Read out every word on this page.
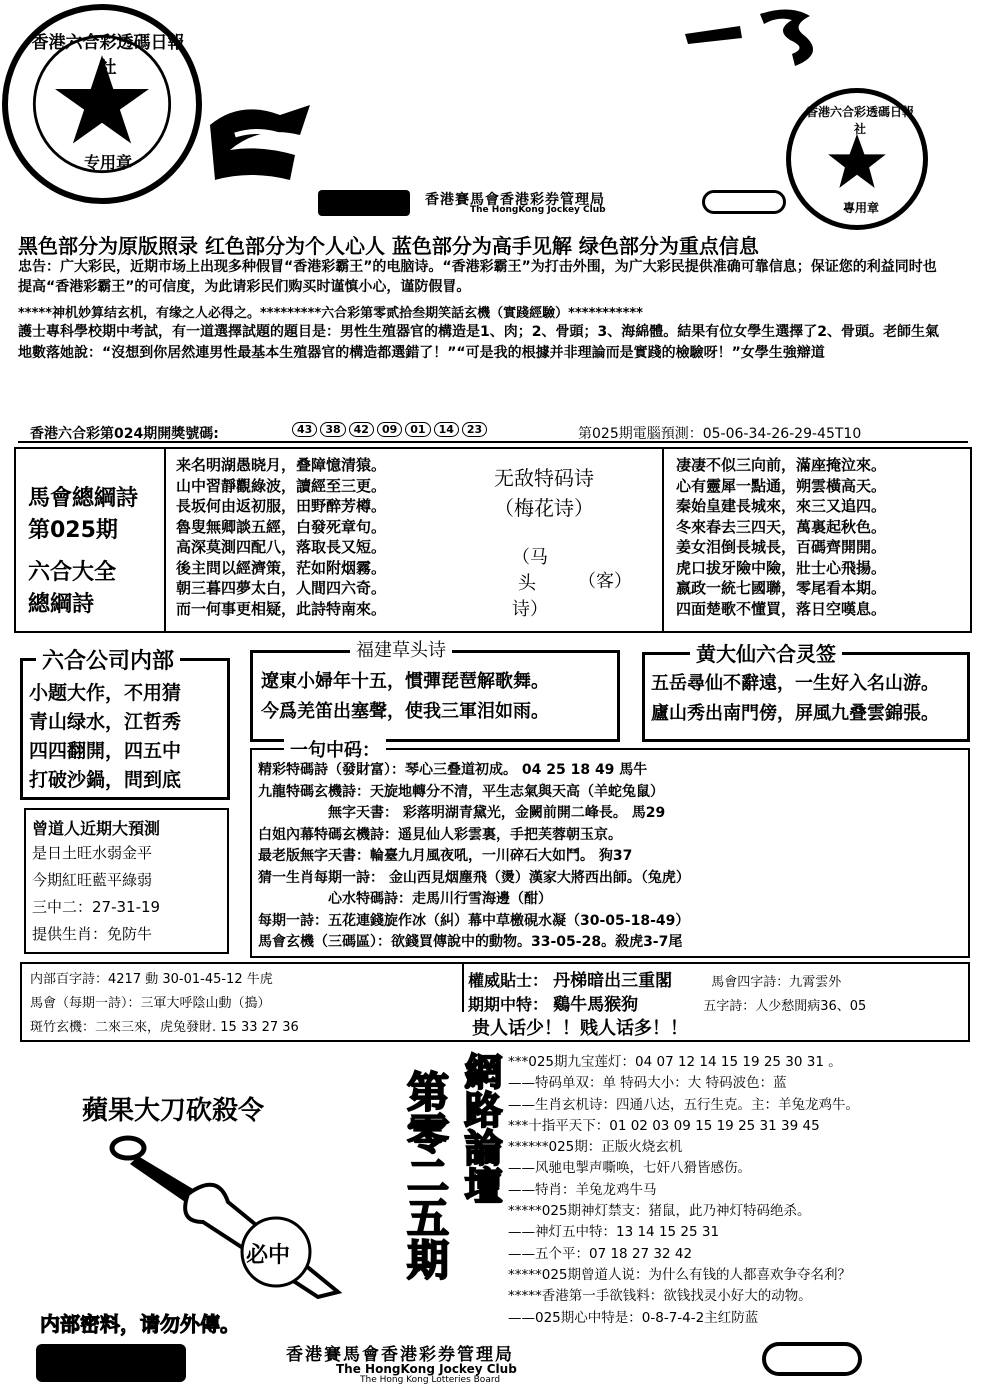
香港六合彩透碼日報社
专用章
香港賽馬會香港彩券管理局
The HongKong Jockey Club
香港六合彩透碼日報社
專用章
黑色部分为原版照录 红色部分为个人心人 蓝色部分为高手见解 绿色部分为重点信息
忠告：广大彩民，近期市场上出现多种假冒“香港彩霸王”的电脑诗。“香港彩霸王”为打击外围，为广大彩民提供准确可靠信息；保证您的利益同时也提高“香港彩霸王”的可信度，为此请彩民们购买时谨慎小心，谨防假冒。
*****神机妙算结玄机，有缘之人必得之。*********六合彩第零贰拾叁期笑話玄機（實踐經驗）***********
護士專科學校期中考試，有一道選擇試題的題目是：男性生殖器官的構造是1、肉；2、骨頭；3、海綿體。結果有位女學生選擇了2、骨頭。老師生氣地數落她說：“沒想到你居然連男性最基本生殖器官的構造都選錯了！”“可是我的根據并非理論而是實踐的檢驗呀！”女學生強辯道
香港六合彩第024期開獎號碼:	43	38	42	09	01	14	23	第025期電腦預測：05-06-34-26-29-45T10
馬會總綱詩
第025期
六合大全
總綱詩
来名明湖愚晓月，叠障憶清猿。
山中習靜觀綠波，讀經至三更。
長坂何由返初服，田野醉芳樽。
魯叟無卿談五經，白發死章句。
高深莫測四配八，落取長又短。
後主問以經濟策，茫如附烟霧。
朝三暮四夢太白，人間四六奇。
而一何事更相疑，此詩特南來。
无敌特码诗
（梅花诗）
（马
头
诗）
（客）
凄凄不似三向前，滿座掩泣來。
心有靈犀一點通，朔雲橫高天。
秦始皇建長城來，來三又追四。
冬來春去三四天，萬裏起秋色。
姜女泪倒長城長，百碼齊開開。
虎口拔牙險中險，壯士心飛揚。
嬴政一統七國聯，零尾看本期。
四面楚歌不懂買，落日空嘆息。
小题大作，不用猜
青山绿水，江哲秀
四四翻開，四五中
打破沙鍋，問到底
六合公司内部
遼東小婦年十五，慣彈琵琶解歌舞。
今爲羌笛出塞聲，使我三軍泪如雨。
福建草头诗
五岳尋仙不辭遠，一生好入名山游。
廬山秀出南門傍，屏風九叠雲錦張。
黄大仙六合灵签
精彩特碼詩（發財富）：琴心三叠道初成。 04 25 18 49 馬牛
九龍特碼玄機詩：天旋地轉分不清，平生志氣與天高（羊蛇兔鼠）
無字天書： 彩落明湖青黛光，金闕前開二峰長。 馬29
白姐內幕特碼玄機詩：遥見仙人彩雲裏，手把芙蓉朝玉京。
最老版無字天書：輪臺九月風夜吼，一川碎石大如鬥。 狗37
猜一生肖每期一詩： 金山西見烟塵飛（燙）漢家大將西出師。（兔虎）
心水特碼詩：走馬川行雪海邊（酣）
每期一詩：五花連錢旋作冰（糾）幕中草檄硯水凝（30-05-18-49）
馬會玄機（三碼區）：欲錢買傳說中的動物。33-05-28。殺虎3-7尾
一句中码：
曾道人近期大預測
是日土旺水弱金平
今期紅旺藍平綠弱
三中二：27-31-19
提供生肖：免防牛
内部百字詩：4217 動 30-01-45-12 牛虎
馬會（每期一詩）：三軍大呼陰山動（搗）
斑竹玄機：二來三來，虎兔發財. 15 33 27 36
權威貼士： 丹梯暗出三重閣	馬會四字詩：九霄雲外
期期中特： 鷄牛馬猴狗	五字詩：人少愁閒病36、05
贵人话少！！贱人话多！！
蘋果大刀砍殺令
必中
内部密料，请勿外傳。
第零二五期 網路論壇 ***025期九宝莲灯：04 07 12 14 15 19 25 30 31 。
——特码单双：单 特码大小：大 特码波色：蓝
——生肖玄机诗：四通八达，五行生克。主：羊兔龙鸡牛。
***十指平天下：01 02 03 09 15 19 25 31 39 45
******025期：正版火烧玄机
——风驰电掣声嘶唤，七奸八猾皆感伤。
——特肖：羊兔龙鸡牛马
*****025期神灯禁支：猪鼠，此乃神灯特码绝杀。
——神灯五中特：13 14 15 25 31
——五个平：07 18 27 32 42
*****025期曾道人说：为什么有钱的人都喜欢争夺名利？
*****香港第一手欲钱料：欲钱找灵小好大的动物。
——025期心中特是：0-8-7-4-2主红防蓝
香港賽馬會香港彩券管理局
The HongKong Jockey Club
The Hong Kong Lotteries Board
